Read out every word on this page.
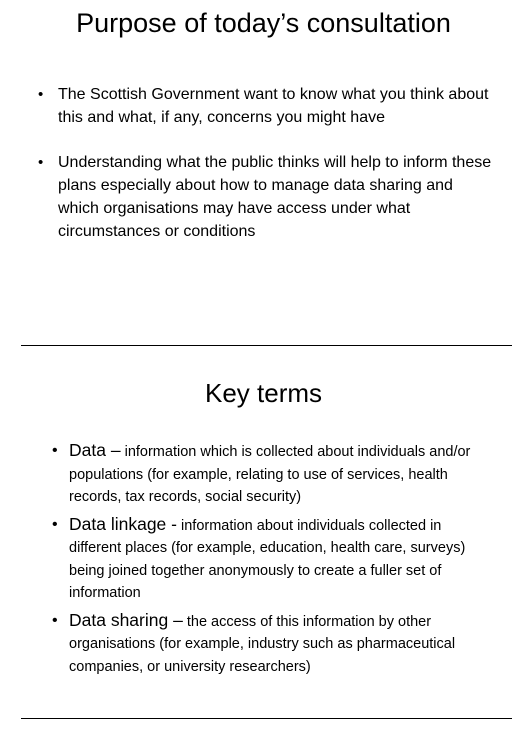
Purpose of today’s consultation
• The Scottish Government want to know what you think about this and what, if any, concerns you might have
• Understanding what the public thinks will help to inform these plans especially about how to manage data sharing and which organisations may have access under what circumstances or conditions
Key terms
• Data – information which is collected about individuals and/or populations (for example, relating to use of services, health records, tax records, social security)
• Data linkage - information about individuals collected in different places (for example, education, health care, surveys) being joined together anonymously to create a fuller set of information
• Data sharing – the access of this information by other organisations (for example, industry such as pharmaceutical companies, or university researchers)
